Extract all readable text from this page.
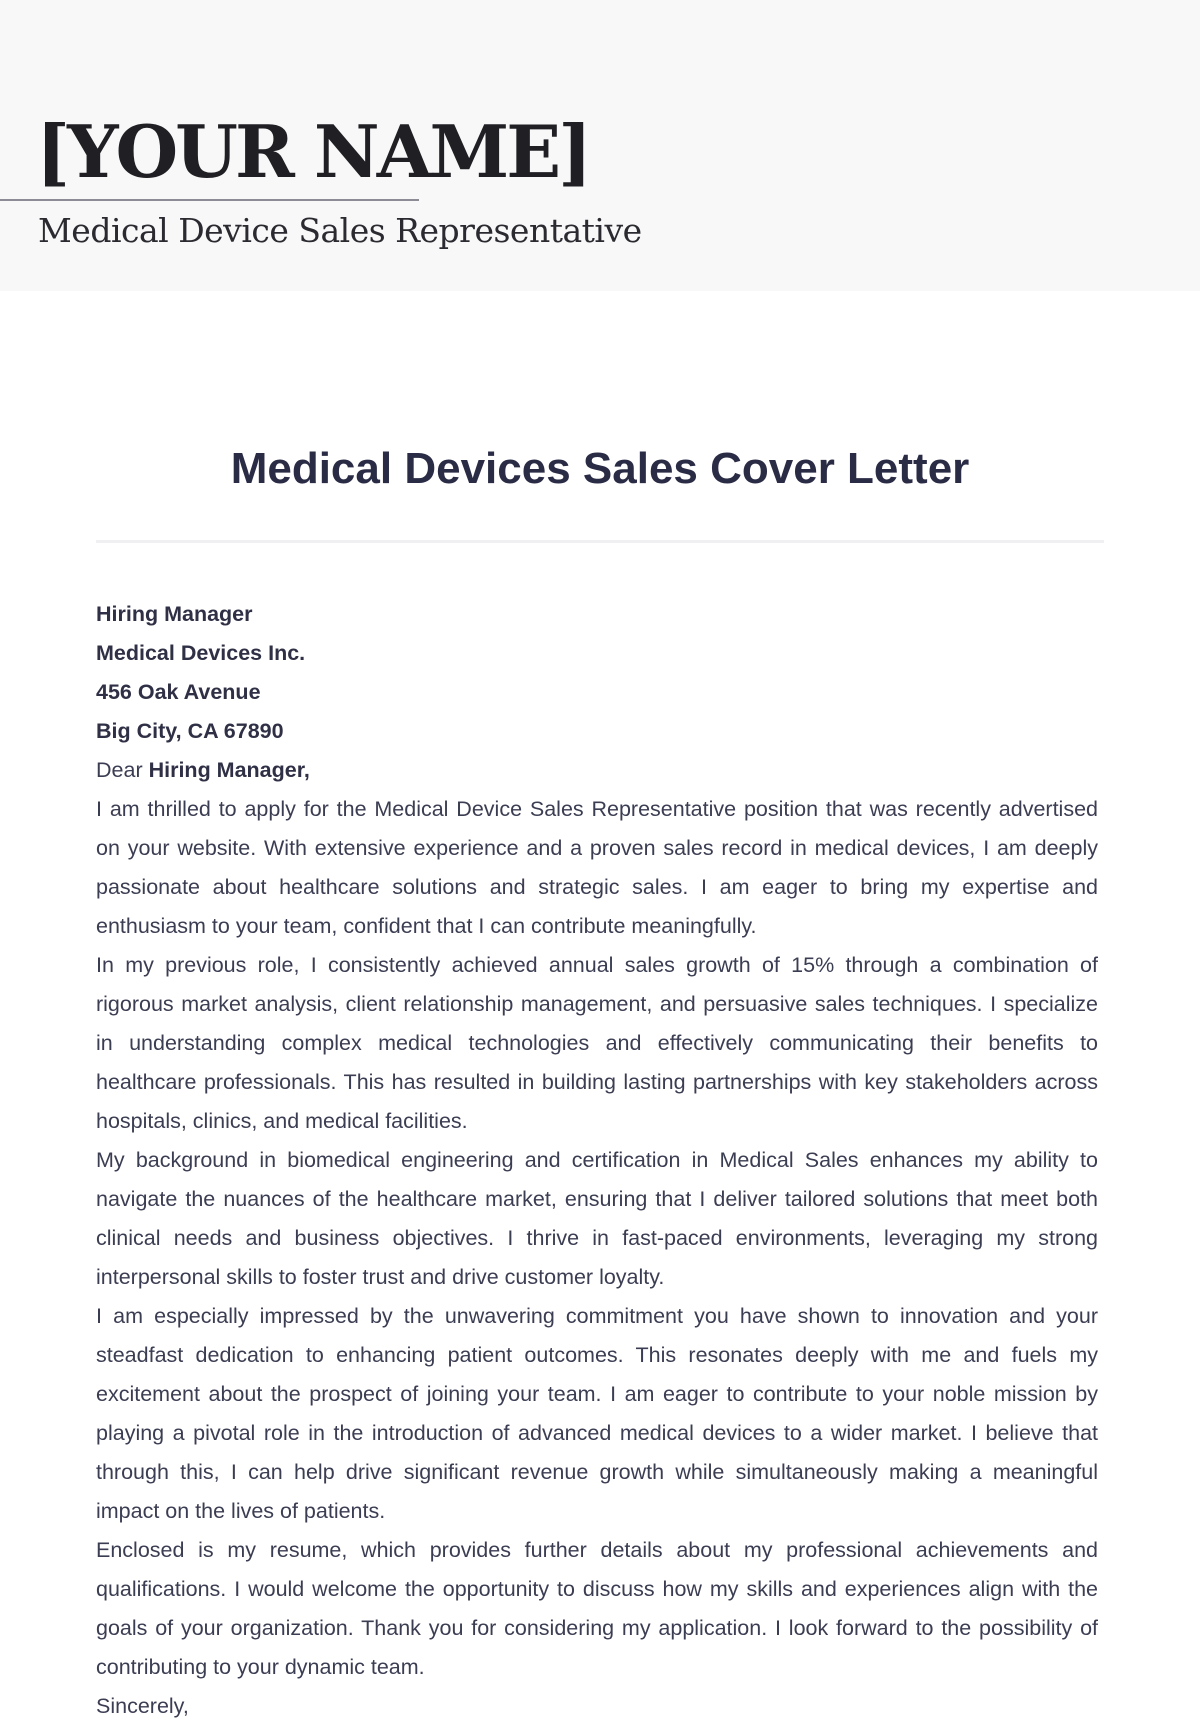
[YOUR NAME]
Medical Device Sales Representative
Medical Devices Sales Cover Letter
Hiring Manager
Medical Devices Inc.
456 Oak Avenue
Big City, CA 67890
Dear Hiring Manager,

I am thrilled to apply for the Medical Device Sales Representative position that was recently advertised on your website. With extensive experience and a proven sales record in medical devices, I am deeply passionate about healthcare solutions and strategic sales. I am eager to bring my expertise and enthusiasm to your team, confident that I can contribute meaningfully.

In my previous role, I consistently achieved annual sales growth of 15% through a combination of rigorous market analysis, client relationship management, and persuasive sales techniques. I specialize in understanding complex medical technologies and effectively communicating their benefits to healthcare professionals. This has resulted in building lasting partnerships with key stakeholders across hospitals, clinics, and medical facilities.

My background in biomedical engineering and certification in Medical Sales enhances my ability to navigate the nuances of the healthcare market, ensuring that I deliver tailored solutions that meet both clinical needs and business objectives. I thrive in fast-paced environments, leveraging my strong interpersonal skills to foster trust and drive customer loyalty.

I am especially impressed by the unwavering commitment you have shown to innovation and your steadfast dedication to enhancing patient outcomes. This resonates deeply with me and fuels my excitement about the prospect of joining your team. I am eager to contribute to your noble mission by playing a pivotal role in the introduction of advanced medical devices to a wider market. I believe that through this, I can help drive significant revenue growth while simultaneously making a meaningful impact on the lives of patients.

Enclosed is my resume, which provides further details about my professional achievements and qualifications. I would welcome the opportunity to discuss how my skills and experiences align with the goals of your organization. Thank you for considering my application. I look forward to the possibility of contributing to your dynamic team.

Sincerely,
